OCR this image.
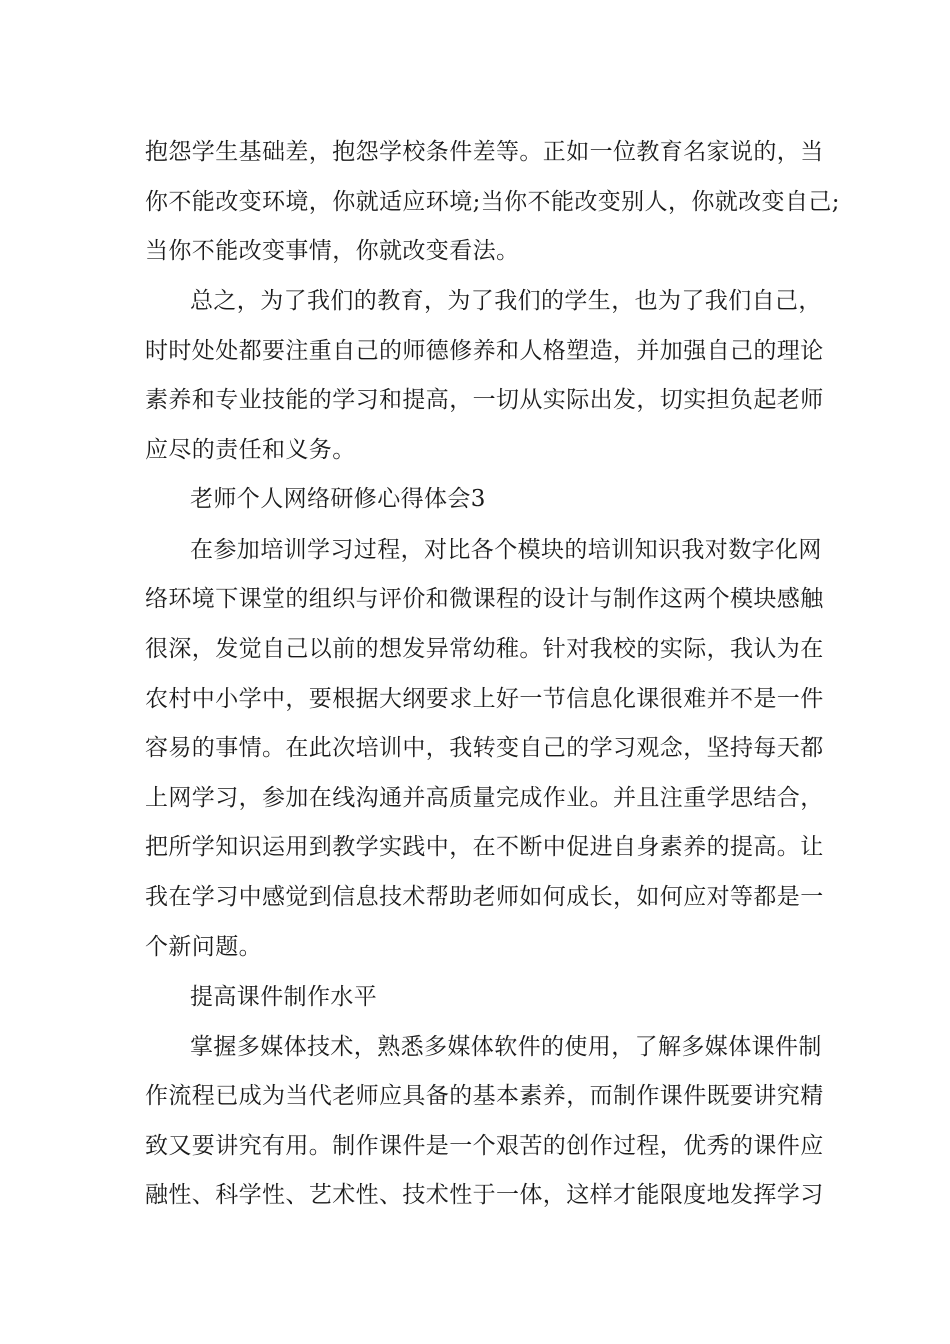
抱怨学生基础差，抱怨学校条件差等。正如一位教育名家说的，当
你不能改变环境，你就适应环境;当你不能改变别人，你就改变自己;
当你不能改变事情，你就改变看法。
总之，为了我们的教育，为了我们的学生，也为了我们自己，
时时处处都要注重自己的师德修养和人格塑造，并加强自己的理论
素养和专业技能的学习和提高，一切从实际出发，切实担负起老师
应尽的责任和义务。
老师个人网络研修心得体会3
在参加培训学习过程，对比各个模块的培训知识我对数字化网
络环境下课堂的组织与评价和微课程的设计与制作这两个模块感触
很深，发觉自己以前的想发异常幼稚。针对我校的实际，我认为在
农村中小学中，要根据大纲要求上好一节信息化课很难并不是一件
容易的事情。在此次培训中，我转变自己的学习观念，坚持每天都
上网学习，参加在线沟通并高质量完成作业。并且注重学思结合，
把所学知识运用到教学实践中，在不断中促进自身素养的提高。让
我在学习中感觉到信息技术帮助老师如何成长，如何应对等都是一
个新问题。
提高课件制作水平
掌握多媒体技术，熟悉多媒体软件的使用，了解多媒体课件制
作流程已成为当代老师应具备的基本素养，而制作课件既要讲究精
致又要讲究有用。制作课件是一个艰苦的创作过程，优秀的课件应
融性、科学性、艺术性、技术性于一体，这样才能限度地发挥学习
